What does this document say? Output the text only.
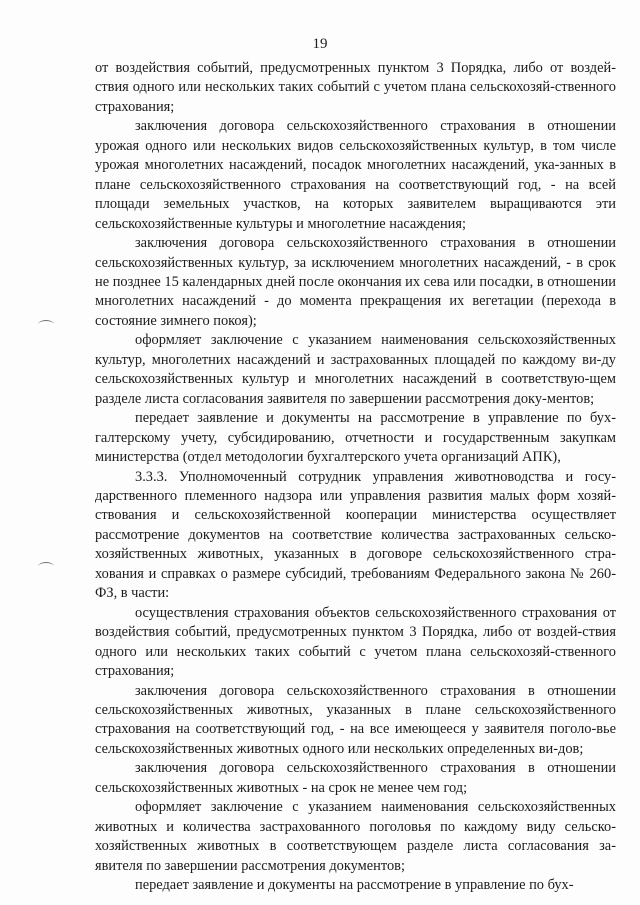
19

от воздействия событий, предусмотренных пунктом 3 Порядка, либо от воздей-ствия одного или нескольких таких событий с учетом плана сельскохозяй-ственного страхования;

заключения договора сельскохозяйственного страхования в отношении урожая одного или нескольких видов сельскохозяйственных культур, в том числе урожая многолетних насаждений, посадок многолетних насаждений, ука-занных в плане сельскохозяйственного страхования на соответствующий год, - на всей площади земельных участков, на которых заявителем выращиваются эти сельскохозяйственные культуры и многолетние насаждения;

заключения договора сельскохозяйственного страхования в отношении сельскохозяйственных культур, за исключением многолетних насаждений, - в срок не позднее 15 календарных дней после окончания их сева или посадки, в отношении многолетних насаждений - до момента прекращения их вегетации (перехода в состояние зимнего покоя);

оформляет заключение с указанием наименования сельскохозяйственных культур, многолетних насаждений и застрахованных площадей по каждому ви-ду сельскохозяйственных культур и многолетних насаждений в соответствую-щем разделе листа согласования заявителя по завершении рассмотрения доку-ментов;

передает заявление и документы на рассмотрение в управление по бух-галтерскому учету, субсидированию, отчетности и государственным закупкам министерства (отдел методологии бухгалтерского учета организаций АПК),

3.3.3. Уполномоченный сотрудник управления животноводства и госу-дарственного племенного надзора или управления развития малых форм хозяй-ствования и сельскохозяйственной кооперации министерства осуществляет рассмотрение документов на соответствие количества застрахованных сельско-хозяйственных животных, указанных в договоре сельскохозяйственного стра-хования и справках о размере субсидий, требованиям Федерального закона № 260-ФЗ, в части:

осуществления страхования объектов сельскохозяйственного страхования от воздействия событий, предусмотренных пунктом 3 Порядка, либо от воздей-ствия одного или нескольких таких событий с учетом плана сельскохозяй-ственного страхования;

заключения договора сельскохозяйственного страхования в отношении сельскохозяйственных животных, указанных в плане сельскохозяйственного страхования на соответствующий год, - на все имеющееся у заявителя поголо-вье сельскохозяйственных животных одного или нескольких определенных ви-дов;

заключения договора сельскохозяйственного страхования в отношении сельскохозяйственных животных - на срок не менее чем год;

оформляет заключение с указанием наименования сельскохозяйственных животных и количества застрахованного поголовья по каждому виду сельско-хозяйственных животных в соответствующем разделе листа согласования за-явителя по завершении рассмотрения документов;

передает заявление и документы на рассмотрение в управление по бух-
